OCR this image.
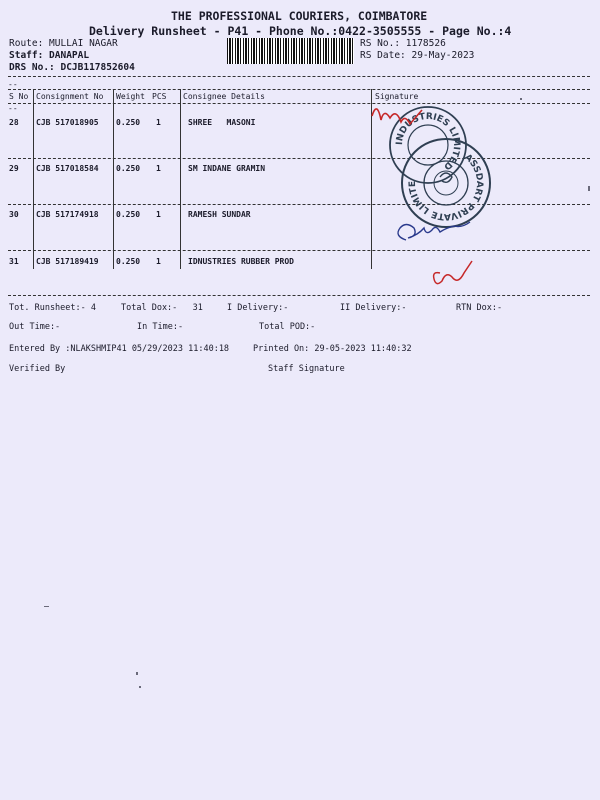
THE PROFESSIONAL COURIERS, COIMBATORE
Delivery Runsheet - P41 - Phone No.:0422-3505555 - Page No.:4
Route: MULLAI NAGAR
Staff: DANAPAL
DRS No.: DCJB117852604
RS No.: 1178526
RS Date: 29-May-2023
--
S No Consignment No Weight PCS Consignee Details	Signature
--
28 CJB 517018905 0.250 1	SHREE   MASONI
29 CJB 517018584 0.250 1	SM INDANE GRAMIN
30 CJB 517174918 0.250 1	RAMESH SUNDAR
31 CJB 517189419 0.250 1	IDNUSTRIES RUBBER PROD
INDUSTRIES LIMITED
ASSDART PRIVATE LIMITED
Tot. Runsheet:- 4	Total Dox:-   31	I Delivery:-	II Delivery:-	RTN Dox:-
Out Time:-	In Time:-	Total POD:-
Entered By :NLAKSHMIP41 05/29/2023 11:40:18	Printed On: 29-05-2023 11:40:32
Verified By	Staff Signature
